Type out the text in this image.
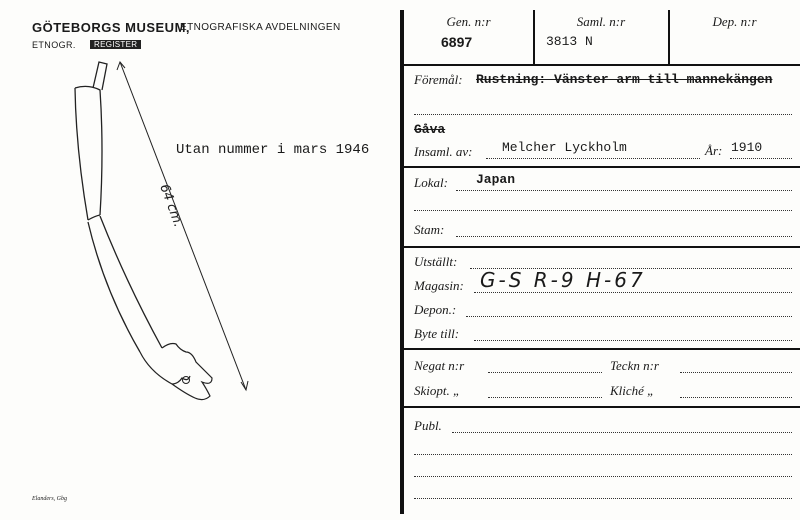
GÖTEBORGS MUSEUM,
ETNOGRAFISKA AVDELNINGEN
ETNOGR.	REGISTER
64 cm.
Utan nummer i mars 1946
Elanders, Gbg
Gen. n:r
6897
Saml. n:r
3813 N
Dep. n:r
Föremål: Rustning: Vänster arm till mannekängen
Gåva
Insaml. av: Melcher Lyckholm	År: 1910
Lokal: Japan
Stam:
Utställt:
Magasin: G-S R-9 H-67
Depon.:
Byte till:
Negat n:r	Teckn n:r
Skiopt. „	Kliché „
Publ.
